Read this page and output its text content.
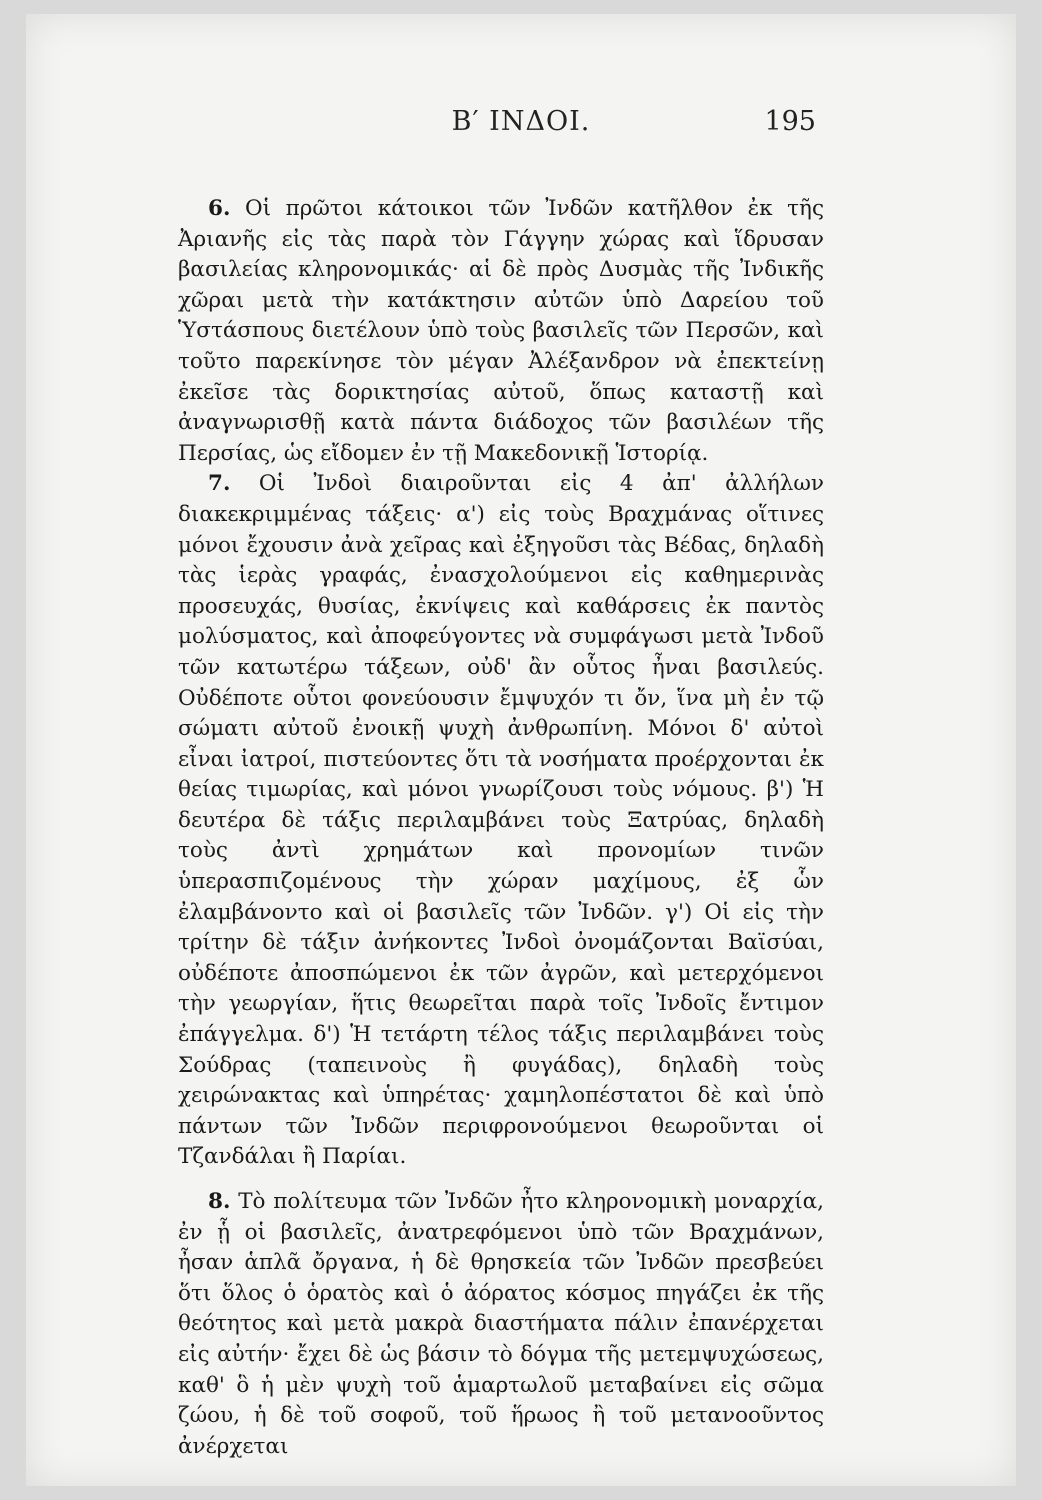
Β′ ΙΝΔΟΙ.	195

6. Οἱ πρῶτοι κάτοικοι τῶν Ἰνδῶν κατῆλθον ἐκ τῆς Ἀριανῆς εἰς τὰς παρὰ τὸν Γάγγην χώρας καὶ ἵδρυσαν βασιλείας κληρονομικάς· αἱ δὲ πρὸς Δυσμὰς τῆς Ἰνδικῆς χῶραι μετὰ τὴν κατάκτησιν αὐτῶν ὑπὸ Δαρείου τοῦ Ὑστάσπους διετέλουν ὑπὸ τοὺς βασιλεῖς τῶν Περσῶν, καὶ τοῦτο παρεκίνησε τὸν μέγαν Ἀλέξανδρον νὰ ἐπεκτείνῃ ἐκεῖσε τὰς δορικτησίας αὐτοῦ, ὅπως καταστῇ καὶ ἀναγνωρισθῇ κατὰ πάντα διάδοχος τῶν βασιλέων τῆς Περσίας, ὡς εἴδομεν ἐν τῇ Μακεδονικῇ Ἱστορίᾳ.

7. Οἱ Ἰνδοὶ διαιροῦνται εἰς 4 ἀπ' ἀλλήλων διακεκριμμένας τάξεις· α') εἰς τοὺς Βραχμάνας οἵτινες μόνοι ἔχουσιν ἀνὰ χεῖρας καὶ ἐξηγοῦσι τὰς Βέδας, δηλαδὴ τὰς ἱερὰς γραφάς, ἐνασχολούμενοι εἰς καθημερινὰς προσευχάς, θυσίας, ἐκνίψεις καὶ καθάρσεις ἐκ παντὸς μολύσματος, καὶ ἀποφεύγοντες νὰ συμφάγωσι μετὰ Ἰνδοῦ τῶν κατωτέρω τάξεων, οὐδ' ἂν οὗτος ἦναι βασιλεύς. Οὐδέποτε οὗτοι φονεύουσιν ἔμψυχόν τι ὄν, ἵνα μὴ ἐν τῷ σώματι αὐτοῦ ἐνοικῇ ψυχὴ ἀνθρωπίνη. Μόνοι δ' αὐτοὶ εἶναι ἰατροί, πιστεύοντες ὅτι τὰ νοσήματα προέρχονται ἐκ θείας τιμωρίας, καὶ μόνοι γνωρίζουσι τοὺς νόμους. β') Ἡ δευτέρα δὲ τάξις περιλαμβάνει τοὺς Ξατρύας, δηλαδὴ τοὺς ἀντὶ χρημάτων καὶ προνομίων τινῶν ὑπερασπιζομένους τὴν χώραν μαχίμους, ἐξ ὧν ἐλαμβάνοντο καὶ οἱ βασιλεῖς τῶν Ἰνδῶν. γ') Οἱ εἰς τὴν τρίτην δὲ τάξιν ἀνήκοντες Ἰνδοὶ ὀνομάζονται Βαϊσύαι, οὐδέποτε ἀποσπώμενοι ἐκ τῶν ἀγρῶν, καὶ μετερχόμενοι τὴν γεωργίαν, ἥτις θεωρεῖται παρὰ τοῖς Ἰνδοῖς ἔντιμον ἐπάγγελμα. δ') Ἡ τετάρτη τέλος τάξις περιλαμβάνει τοὺς Σούδρας (ταπεινοὺς ἢ φυγάδας), δηλαδὴ τοὺς χειρώνακτας καὶ ὑπηρέτας· χαμηλοπέστατοι δὲ καὶ ὑπὸ πάντων τῶν Ἰνδῶν περιφρονούμενοι θεωροῦνται οἱ Τζανδάλαι ἢ Παρίαι.

8. Τὸ πολίτευμα τῶν Ἰνδῶν ἦτο κληρονομικὴ μοναρχία, ἐν ᾗ οἱ βασιλεῖς, ἀνατρεφόμενοι ὑπὸ τῶν Βραχμάνων, ἦσαν ἁπλᾶ ὄργανα, ἡ δὲ θρησκεία τῶν Ἰνδῶν πρεσβεύει ὅτι ὅλος ὁ ὁρατὸς καὶ ὁ ἀόρατος κόσμος πηγάζει ἐκ τῆς θεότητος καὶ μετὰ μακρὰ διαστήματα πάλιν ἐπανέρχεται εἰς αὐτήν· ἔχει δὲ ὡς βάσιν τὸ δόγμα τῆς μετεμψυχώσεως, καθ' ὃ ἡ μὲν ψυχὴ τοῦ ἁμαρτωλοῦ μεταβαίνει εἰς σῶμα ζώου, ἡ δὲ τοῦ σοφοῦ, τοῦ ἥρωος ἢ τοῦ μετανοοῦντος ἀνέρχεται
